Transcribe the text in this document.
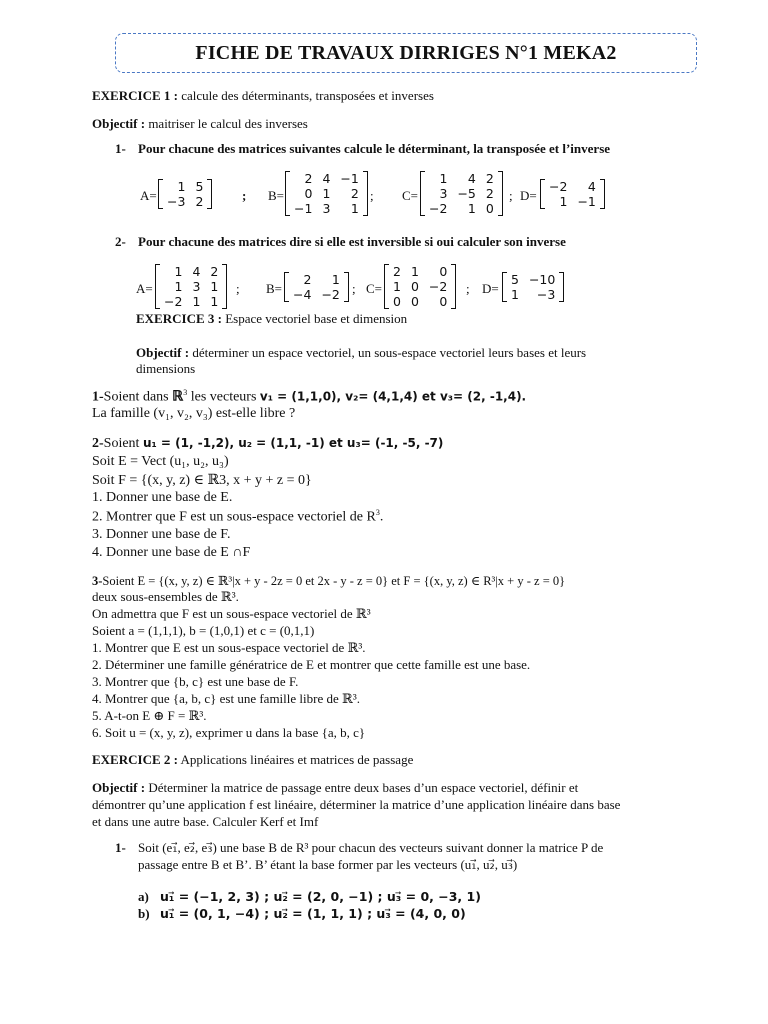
FICHE DE TRAVAUX DIRRIGES N°1 MEKA2
EXERCICE 1 : calcule des déterminants, transposées et inverses
Objectif : maitriser le calcul des inverses
1- Pour chacune des matrices suivantes calcule le déterminant, la transposée et l’inverse
A=
1	5
−3	2	; B=
2	4	−1
0	1	2
−1	3	1
; C=
1	4	2
3	−5	2
−2	1	0
; D=
−2	4
1	−1
2- Pour chacune des matrices dire si elle est inversible si oui calculer son inverse
A=
1	4	2
1	3	1
−2	1	1
; B=
2	1
−4	−2 ; C=
2	1	0
1	0	−2
0	0	0
; D=
5	−10
1	−3
EXERCICE 3 : Espace vectoriel base et dimension
Objectif : déterminer un espace vectoriel, un sous-espace vectoriel leurs bases et leurs
dimensions
1-Soient dans ℝ$^3$ les vecteurs v₁ = (1,1,0), v₂= (4,1,4) et v₃= (2, -1,4).
La famille (v₁, v₂, v₃) est-elle libre ?
2-Soient u₁ = (1, -1,2), u₂ = (1,1, -1) et u₃= (-1, -5, -7)
Soit E = Vect (u₁, u₂, u₃)
Soit F = {(x, y, z) ∈ ℝ3, x + y + z = 0}
1. Donner une base de E.
2. Montrer que F est un sous-espace vectoriel de $R^3$.
3. Donner une base de F.
4. Donner une base de E ∩F
3-Soient E = {(x, y, z) ∈ ℝ³|x + y - 2z = 0 et 2x - y - z = 0} et F = {(x, y, z) ∈ R³|x + y - z = 0}
deux sous-ensembles de ℝ³.
On admettra que F est un sous-espace vectoriel de ℝ³
Soient a = (1,1,1), b = (1,0,1) et c = (0,1,1)
1. Montrer que E est un sous-espace vectoriel de ℝ³.
2. Déterminer une famille génératrice de E et montrer que cette famille est une base.
3. Montrer que {b, c} est une base de F.
4. Montrer que {a, b, c} est une famille libre de ℝ³.
5. A-t-on E ⊕ F = ℝ³.
6. Soit u = (x, y, z), exprimer u dans la base {a, b, c}
EXERCICE 2 : Applications linéaires et matrices de passage
Objectif : Déterminer la matrice de passage entre deux bases d’un espace vectoriel, définir et
démontrer qu’une application f est linéaire, déterminer la matrice d’une application linéaire dans base
et dans une autre base. Calculer Kerf et Imf
1- Soit (e₁⃗, e₂⃗, e₃⃗) une base B de R³ pour chacun des vecteurs suivant donner la matrice P de
passage entre B et B’. B’ étant la base former par les vecteurs (u₁⃗, u₂⃗, u₃⃗)
a) u₁⃗ = (−1, 2, 3) ; u₂⃗ = (2, 0, −1) ; u₃⃗ = 0, −3, 1)
b) u₁⃗ = (0, 1, −4) ; u₂⃗ = (1, 1, 1) ; u₃⃗ = (4, 0, 0)
